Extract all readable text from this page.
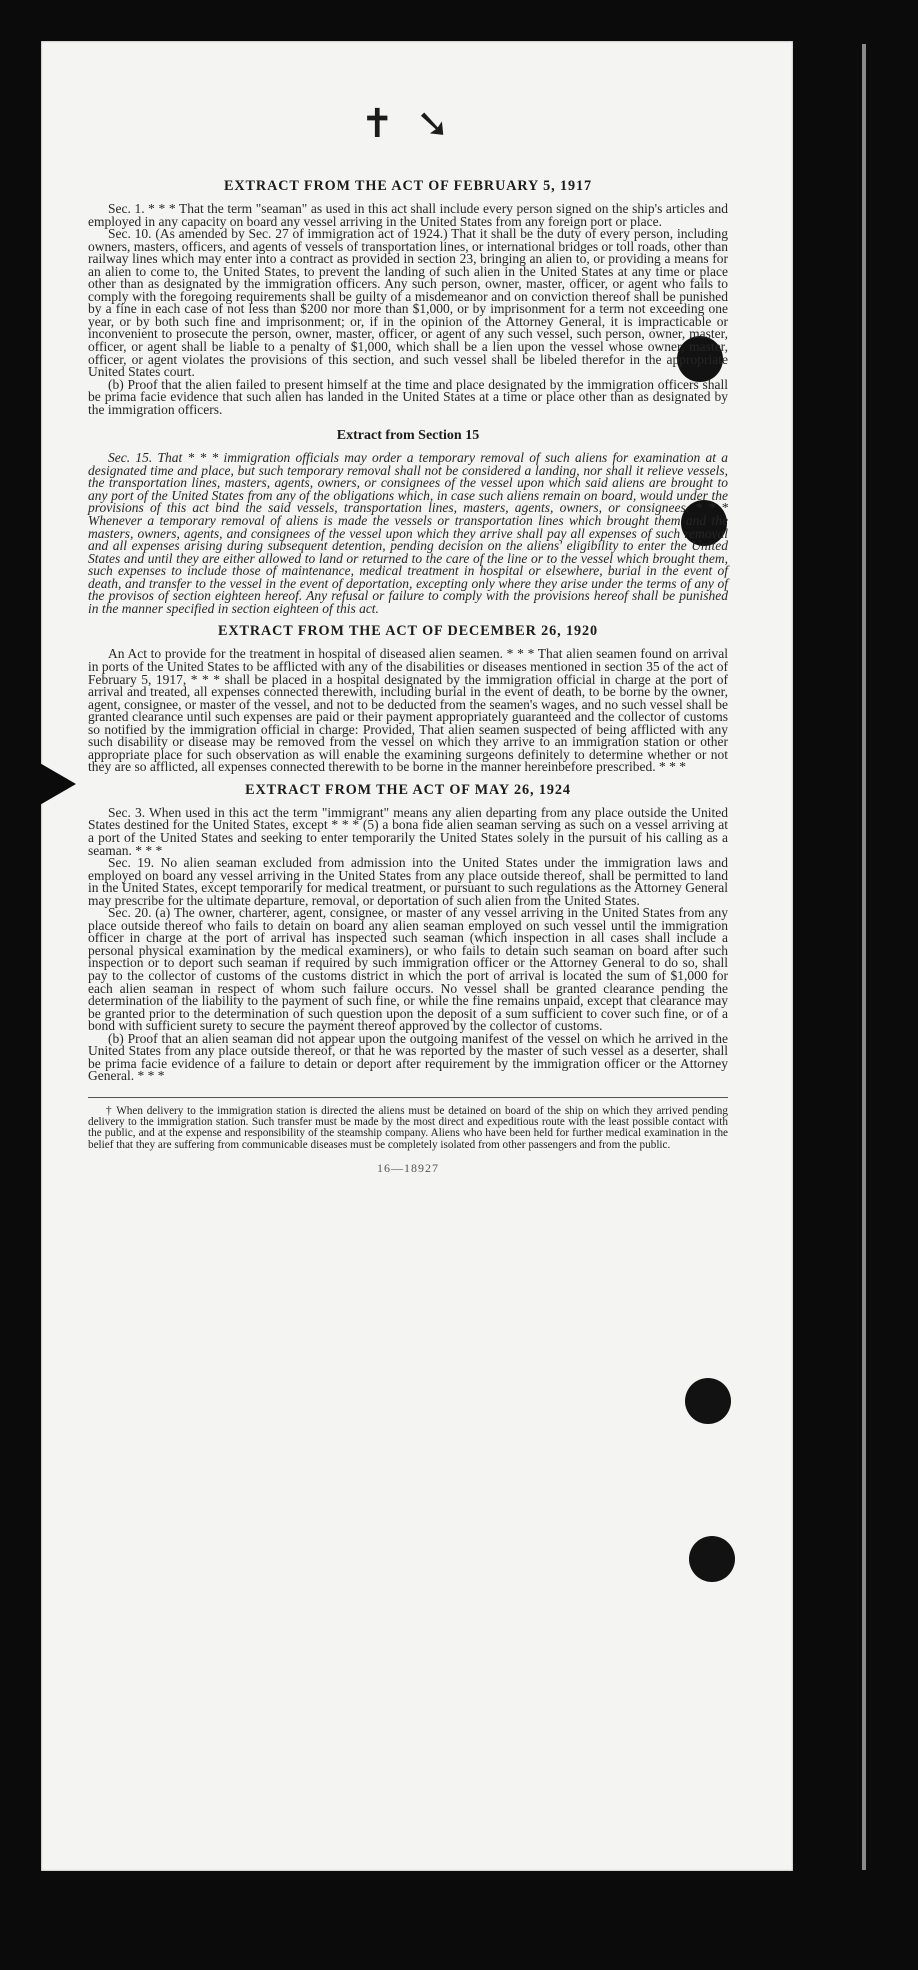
✝ ➘
EXTRACT FROM THE ACT OF FEBRUARY 5, 1917

Sec. 1. * * * That the term "seaman" as used in this act shall include every person signed on the ship's articles and employed in any capacity on board any vessel arriving in the United States from any foreign port or place.

Sec. 10. (As amended by Sec. 27 of immigration act of 1924.) That it shall be the duty of every person, including owners, masters, officers, and agents of vessels of transportation lines, or international bridges or toll roads, other than railway lines which may enter into a contract as provided in section 23, bringing an alien to, or providing a means for an alien to come to, the United States, to prevent the landing of such alien in the United States at any time or place other than as designated by the immigration officers. Any such person, owner, master, officer, or agent who fails to comply with the foregoing requirements shall be guilty of a misdemeanor and on conviction thereof shall be punished by a fine in each case of not less than $200 nor more than $1,000, or by imprisonment for a term not exceeding one year, or by both such fine and imprisonment; or, if in the opinion of the Attorney General, it is impracticable or inconvenient to prosecute the person, owner, master, officer, or agent of any such vessel, such person, owner, master, officer, or agent shall be liable to a penalty of $1,000, which shall be a lien upon the vessel whose owner, master, officer, or agent violates the provisions of this section, and such vessel shall be libeled therefor in the appropriate United States court.

(b) Proof that the alien failed to present himself at the time and place designated by the immigration officers shall be prima facie evidence that such alien has landed in the United States at a time or place other than as designated by the immigration officers.

Extract from Section 15

Sec. 15. That * * * immigration officials may order a temporary removal of such aliens for examination at a designated time and place, but such temporary removal shall not be considered a landing, nor shall it relieve vessels, the transportation lines, masters, agents, owners, or consignees of the vessel upon which said aliens are brought to any port of the United States from any of the obligations which, in case such aliens remain on board, would under the provisions of this act bind the said vessels, transportation lines, masters, agents, owners, or consignees. * * * Whenever a temporary removal of aliens is made the vessels or transportation lines which brought them and the masters, owners, agents, and consignees of the vessel upon which they arrive shall pay all expenses of such removal and all expenses arising during subsequent detention, pending decision on the aliens' eligibility to enter the United States and until they are either allowed to land or returned to the care of the line or to the vessel which brought them, such expenses to include those of maintenance, medical treatment in hospital or elsewhere, burial in the event of death, and transfer to the vessel in the event of deportation, excepting only where they arise under the terms of any of the provisos of section eighteen hereof. Any refusal or failure to comply with the provisions hereof shall be punished in the manner specified in section eighteen of this act.

EXTRACT FROM THE ACT OF DECEMBER 26, 1920

An Act to provide for the treatment in hospital of diseased alien seamen. * * * That alien seamen found on arrival in ports of the United States to be afflicted with any of the disabilities or diseases mentioned in section 35 of the act of February 5, 1917, * * * shall be placed in a hospital designated by the immigration official in charge at the port of arrival and treated, all expenses connected therewith, including burial in the event of death, to be borne by the owner, agent, consignee, or master of the vessel, and not to be deducted from the seamen's wages, and no such vessel shall be granted clearance until such expenses are paid or their payment appropriately guaranteed and the collector of customs so notified by the immigration official in charge: Provided, That alien seamen suspected of being afflicted with any such disability or disease may be removed from the vessel on which they arrive to an immigration station or other appropriate place for such observation as will enable the examining surgeons definitely to determine whether or not they are so afflicted, all expenses connected therewith to be borne in the manner hereinbefore prescribed. * * *

EXTRACT FROM THE ACT OF MAY 26, 1924

Sec. 3. When used in this act the term "immigrant" means any alien departing from any place outside the United States destined for the United States, except * * * (5) a bona fide alien seaman serving as such on a vessel arriving at a port of the United States and seeking to enter temporarily the United States solely in the pursuit of his calling as a seaman. * * *

Sec. 19. No alien seaman excluded from admission into the United States under the immigration laws and employed on board any vessel arriving in the United States from any place outside thereof, shall be permitted to land in the United States, except temporarily for medical treatment, or pursuant to such regulations as the Attorney General may prescribe for the ultimate departure, removal, or deportation of such alien from the United States.

Sec. 20. (a) The owner, charterer, agent, consignee, or master of any vessel arriving in the United States from any place outside thereof who fails to detain on board any alien seaman employed on such vessel until the immigration officer in charge at the port of arrival has inspected such seaman (which inspection in all cases shall include a personal physical examination by the medical examiners), or who fails to detain such seaman on board after such inspection or to deport such seaman if required by such immigration officer or the Attorney General to do so, shall pay to the collector of customs of the customs district in which the port of arrival is located the sum of $1,000 for each alien seaman in respect of whom such failure occurs. No vessel shall be granted clearance pending the determination of the liability to the payment of such fine, or while the fine remains unpaid, except that clearance may be granted prior to the determination of such question upon the deposit of a sum sufficient to cover such fine, or of a bond with sufficient surety to secure the payment thereof approved by the collector of customs.

(b) Proof that an alien seaman did not appear upon the outgoing manifest of the vessel on which he arrived in the United States from any place outside thereof, or that he was reported by the master of such vessel as a deserter, shall be prima facie evidence of a failure to detain or deport after requirement by the immigration officer or the Attorney General. * * *

† When delivery to the immigration station is directed the aliens must be detained on board of the ship on which they arrived pending delivery to the immigration station. Such transfer must be made by the most direct and expeditious route with the least possible contact with the public, and at the expense and responsibility of the steamship company. Aliens who have been held for further medical examination in the belief that they are suffering from communicable diseases must be completely isolated from other passengers and from the public.

16—18927
